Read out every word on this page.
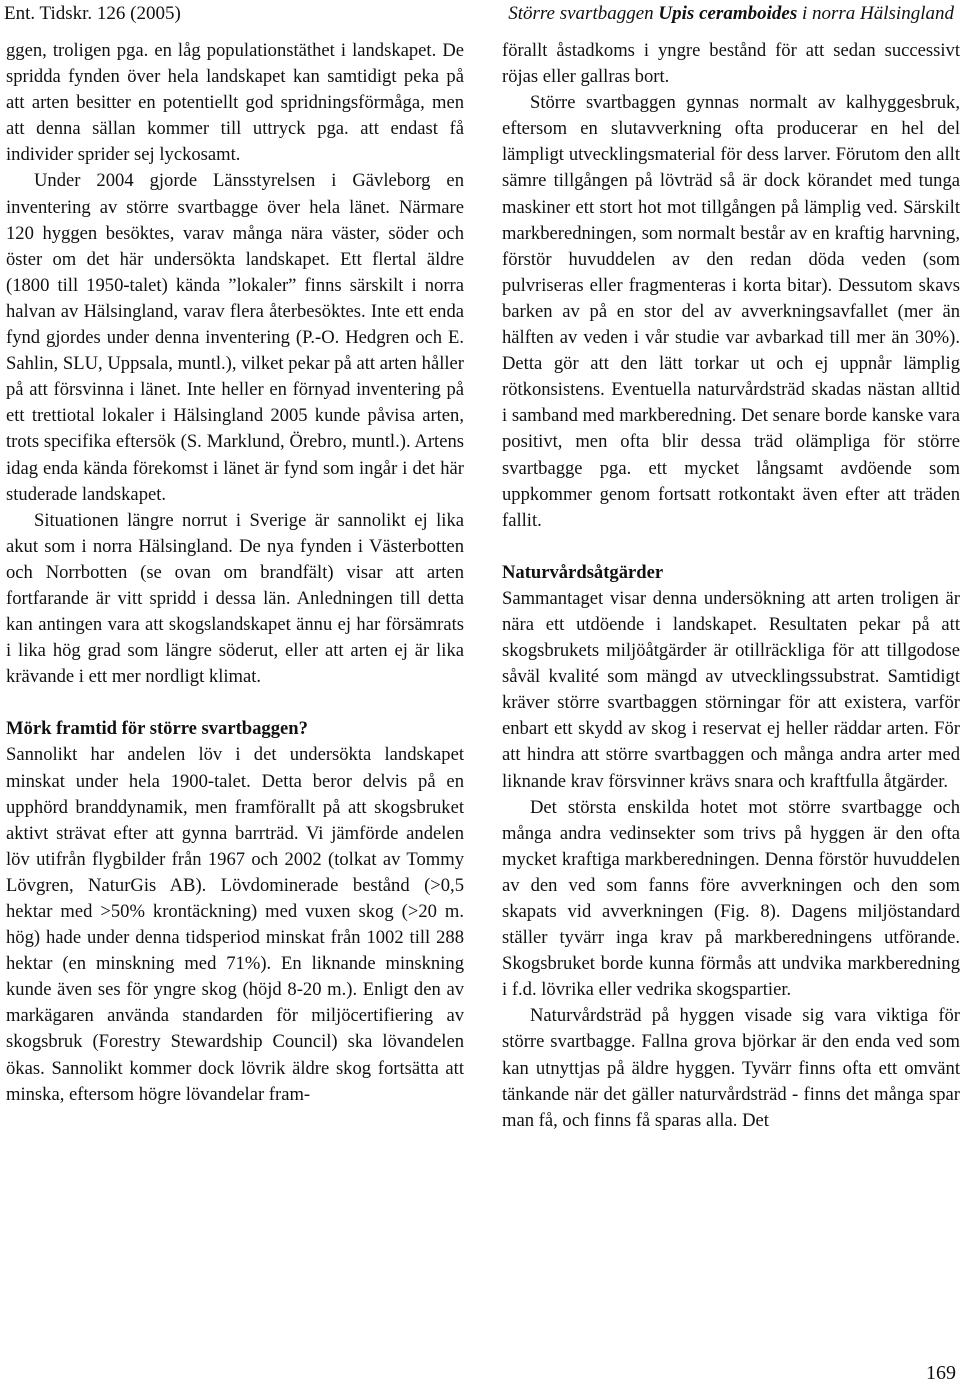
Ent. Tidskr. 126 (2005)	Större svartbaggen Upis ceramboides i norra Hälsingland

ggen, troligen pga. en låg populationstäthet i landskapet. De spridda fynden över hela landskapet kan samtidigt peka på att arten besitter en potentiellt god spridningsförmåga, men att denna sällan kommer till uttryck pga. att endast få individer sprider sej lyckosamt.

Under 2004 gjorde Länsstyrelsen i Gävleborg en inventering av större svartbagge över hela länet. Närmare 120 hyggen besöktes, varav många nära väster, söder och öster om det här undersökta landskapet. Ett flertal äldre (1800 till 1950-talet) kända ”lokaler” finns särskilt i norra halvan av Hälsingland, varav flera återbesöktes. Inte ett enda fynd gjordes under denna inventering (P.-O. Hedgren och E. Sahlin, SLU, Uppsala, muntl.), vilket pekar på att arten håller på att försvinna i länet. Inte heller en förnyad inventering på ett trettiotal lokaler i Hälsingland 2005 kunde påvisa arten, trots specifika eftersök (S. Marklund, Örebro, muntl.). Artens idag enda kända förekomst i länet är fynd som ingår i det här studerade landskapet.

Situationen längre norrut i Sverige är sannolikt ej lika akut som i norra Hälsingland. De nya fynden i Västerbotten och Norrbotten (se ovan om brandfält) visar att arten fortfarande är vitt spridd i dessa län. Anledningen till detta kan antingen vara att skogslandskapet ännu ej har försämrats i lika hög grad som längre söderut, eller att arten ej är lika krävande i ett mer nordligt klimat.

Mörk framtid för större svartbaggen?

Sannolikt har andelen löv i det undersökta landskapet minskat under hela 1900-talet. Detta beror delvis på en upphörd branddynamik, men framförallt på att skogsbruket aktivt strävat efter att gynna barrträd. Vi jämförde andelen löv utifrån flygbilder från 1967 och 2002 (tolkat av Tommy Lövgren, NaturGis AB). Lövdominerade bestånd (>0,5 hektar med >50% krontäckning) med vuxen skog (>20 m. hög) hade under denna tidsperiod minskat från 1002 till 288 hektar (en minskning med 71%). En liknande minskning kunde även ses för yngre skog (höjd 8-20 m.). Enligt den av markägaren använda standarden för miljöcertifiering av skogsbruk (Forestry Stewardship Council) ska lövandelen ökas. Sannolikt kommer dock lövrik äldre skog fortsätta att minska, eftersom högre lövandelar fram-

förallt åstadkoms i yngre bestånd för att sedan successivt röjas eller gallras bort.

Större svartbaggen gynnas normalt av kalhyggesbruk, eftersom en slutavverkning ofta producerar en hel del lämpligt utvecklingsmaterial för dess larver. Förutom den allt sämre tillgången på lövträd så är dock körandet med tunga maskiner ett stort hot mot tillgången på lämplig ved. Särskilt markberedningen, som normalt består av en kraftig harvning, förstör huvuddelen av den redan döda veden (som pulvriseras eller fragmenteras i korta bitar). Dessutom skavs barken av på en stor del av avverkningsavfallet (mer än hälften av veden i vår studie var avbarkad till mer än 30%). Detta gör att den lätt torkar ut och ej uppnår lämplig rötkonsistens. Eventuella naturvårdsträd skadas nästan alltid i samband med markberedning. Det senare borde kanske vara positivt, men ofta blir dessa träd olämpliga för större svartbagge pga. ett mycket långsamt avdöende som uppkommer genom fortsatt rotkontakt även efter att träden fallit.

Naturvårdsåtgärder

Sammantaget visar denna undersökning att arten troligen är nära ett utdöende i landskapet. Resultaten pekar på att skogsbrukets miljöåtgärder är otillräckliga för att tillgodose såväl kvalité som mängd av utvecklingssubstrat. Samtidigt kräver större svartbaggen störningar för att existera, varför enbart ett skydd av skog i reservat ej heller räddar arten. För att hindra att större svartbaggen och många andra arter med liknande krav försvinner krävs snara och kraftfulla åtgärder.

Det största enskilda hotet mot större svartbagge och många andra vedinsekter som trivs på hyggen är den ofta mycket kraftiga markberedningen. Denna förstör huvuddelen av den ved som fanns före avverkningen och den som skapats vid avverkningen (Fig. 8). Dagens miljöstandard ställer tyvärr inga krav på markberedningens utförande. Skogsbruket borde kunna förmås att undvika markberedning i f.d. lövrika eller vedrika skogspartier.

Naturvårdsträd på hyggen visade sig vara viktiga för större svartbagge. Fallna grova björkar är den enda ved som kan utnyttjas på äldre hyggen. Tyvärr finns ofta ett omvänt tänkande när det gäller naturvårdsträd - finns det många spar man få, och finns få sparas alla. Det

169
